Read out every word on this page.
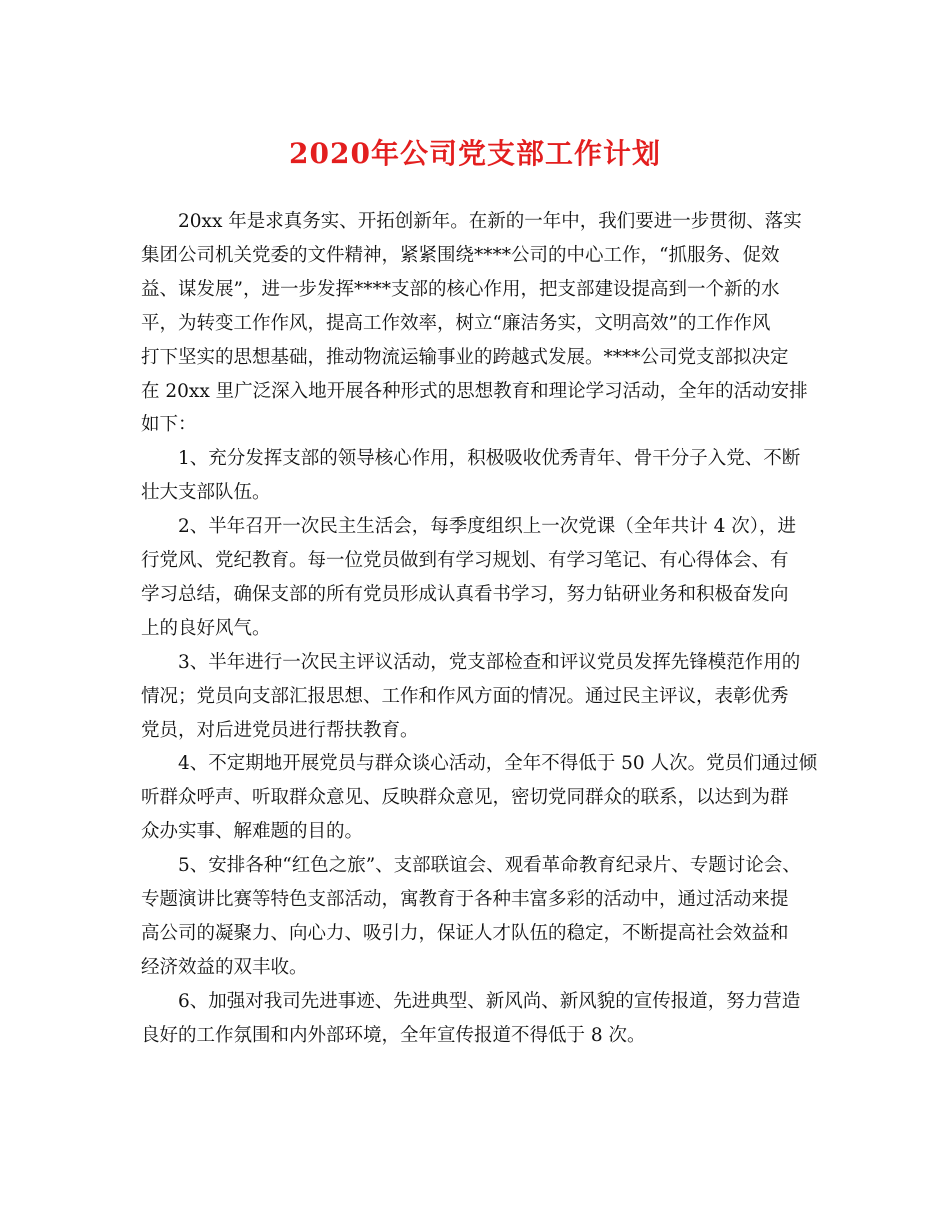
2020年公司党支部工作计划
20xx 年是求真务实、开拓创新年。在新的一年中，我们要进一步贯彻、落实
集团公司机关党委的文件精神，紧紧围绕****公司的中心工作，“抓服务、促效
益、谋发展”，进一步发挥****支部的核心作用，把支部建设提高到一个新的水
平，为转变工作作风，提高工作效率，树立“廉洁务实，文明高效”的工作作风
打下坚实的思想基础，推动物流运输事业的跨越式发展。****公司党支部拟决定
在 20xx 里广泛深入地开展各种形式的思想教育和理论学习活动，全年的活动安排
如下：
1、充分发挥支部的领导核心作用，积极吸收优秀青年、骨干分子入党、不断
壮大支部队伍。
2、半年召开一次民主生活会，每季度组织上一次党课（全年共计 4 次），进
行党风、党纪教育。每一位党员做到有学习规划、有学习笔记、有心得体会、有
学习总结，确保支部的所有党员形成认真看书学习，努力钻研业务和积极奋发向
上的良好风气。
3、半年进行一次民主评议活动，党支部检查和评议党员发挥先锋模范作用的
情况；党员向支部汇报思想、工作和作风方面的情况。通过民主评议，表彰优秀
党员，对后进党员进行帮扶教育。
4、不定期地开展党员与群众谈心活动，全年不得低于 50 人次。党员们通过倾
听群众呼声、听取群众意见、反映群众意见，密切党同群众的联系，以达到为群
众办实事、解难题的目的。
5、安排各种“红色之旅”、支部联谊会、观看革命教育纪录片、专题讨论会、
专题演讲比赛等特色支部活动，寓教育于各种丰富多彩的活动中，通过活动来提
高公司的凝聚力、向心力、吸引力，保证人才队伍的稳定，不断提高社会效益和
经济效益的双丰收。
6、加强对我司先进事迹、先进典型、新风尚、新风貌的宣传报道，努力营造
良好的工作氛围和内外部环境，全年宣传报道不得低于 8 次。
